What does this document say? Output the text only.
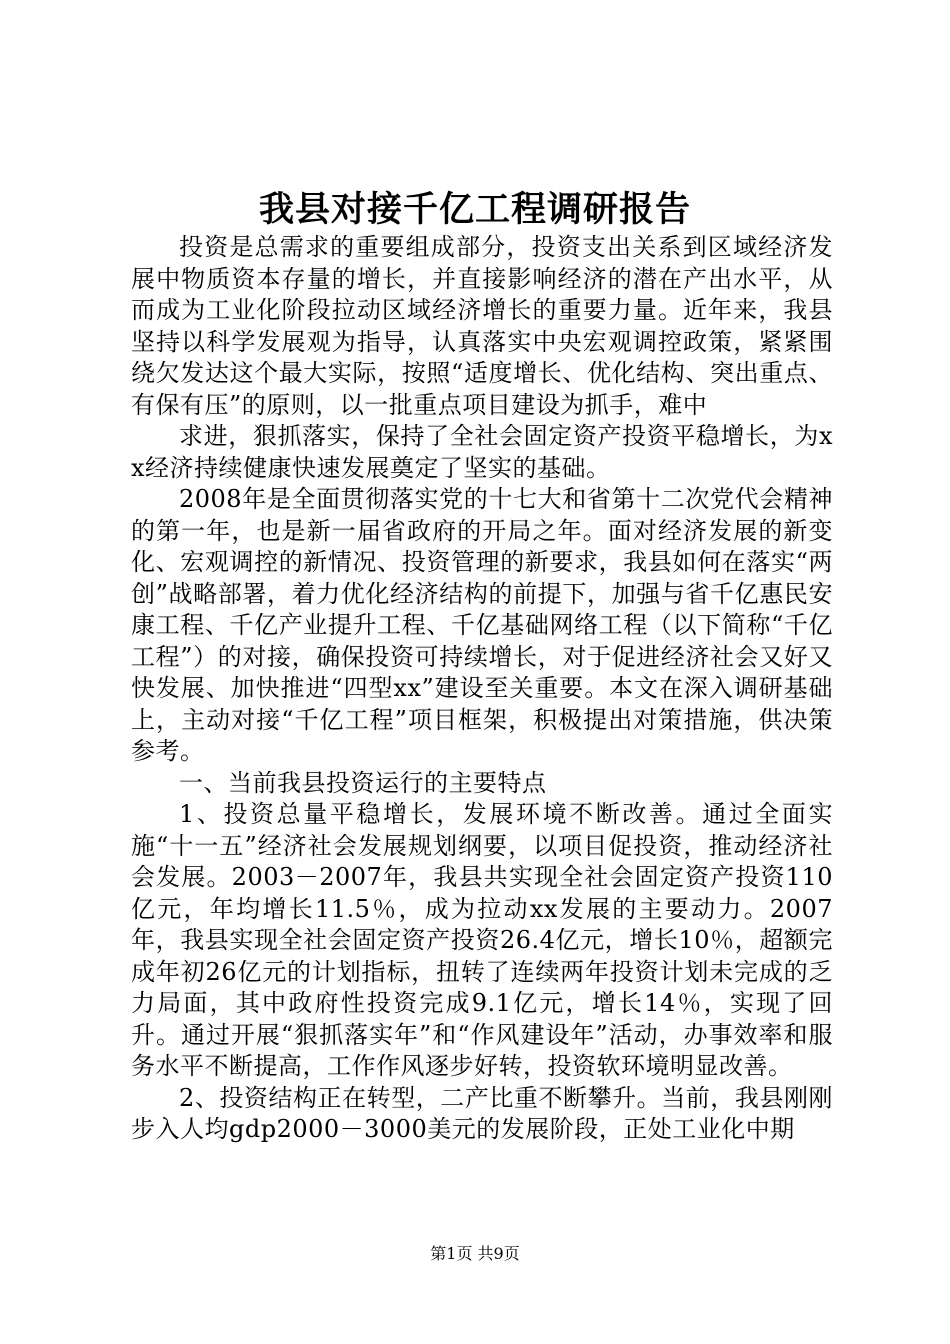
我县对接千亿工程调研报告

投资是总需求的重要组成部分，投资支出关系到区域经济发展中物质资本存量的增长，并直接影响经济的潜在产出水平，从而成为工业化阶段拉动区域经济增长的重要力量。近年来，我县坚持以科学发展观为指导，认真落实中央宏观调控政策，紧紧围绕欠发达这个最大实际，按照“适度增长、优化结构、突出重点、有保有压”的原则，以一批重点项目建设为抓手，难中

求进，狠抓落实，保持了全社会固定资产投资平稳增长，为xx经济持续健康快速发展奠定了坚实的基础。

2008年是全面贯彻落实党的十七大和省第十二次党代会精神的第一年，也是新一届省政府的开局之年。面对经济发展的新变化、宏观调控的新情况、投资管理的新要求，我县如何在落实“两创”战略部署，着力优化经济结构的前提下，加强与省千亿惠民安康工程、千亿产业提升工程、千亿基础网络工程（以下简称“千亿工程”）的对接，确保投资可持续增长，对于促进经济社会又好又快发展、加快推进“四型xx”建设至关重要。本文在深入调研基础上，主动对接“千亿工程”项目框架，积极提出对策措施，供决策参考。

一、当前我县投资运行的主要特点

1、投资总量平稳增长，发展环境不断改善。通过全面实施“十一五”经济社会发展规划纲要，以项目促投资，推动经济社会发展。2003－2007年，我县共实现全社会固定资产投资110亿元，年均增长11.5％，成为拉动xx发展的主要动力。2007年，我县实现全社会固定资产投资26.4亿元，增长10％，超额完成年初26亿元的计划指标，扭转了连续两年投资计划未完成的乏力局面，其中政府性投资完成9.1亿元，增长14％，实现了回升。通过开展“狠抓落实年”和“作风建设年”活动，办事效率和服务水平不断提高，工作作风逐步好转，投资软环境明显改善。

2、投资结构正在转型，二产比重不断攀升。当前，我县刚刚步入人均gdp2000－3000美元的发展阶段，正处工业化中期

第1页 共9页
